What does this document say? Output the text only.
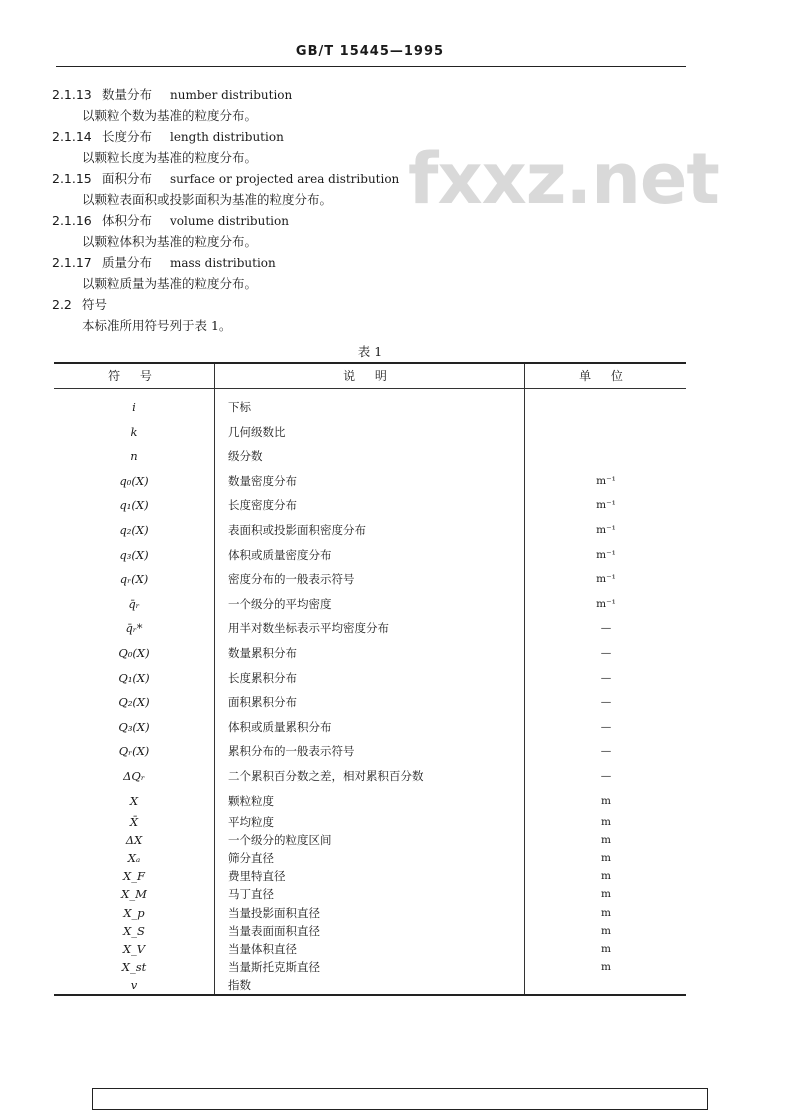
GB/T 15445—1995
fxxz.net
2.1.13 数量分布 number distribution
以颗粒个数为基准的粒度分布。
2.1.14 长度分布 length distribution
以颗粒长度为基准的粒度分布。
2.1.15 面积分布 surface or projected area distribution
以颗粒表面积或投影面积为基准的粒度分布。
2.1.16 体积分布 volume distribution
以颗粒体积为基准的粒度分布。
2.1.17 质量分布 mass distribution
以颗粒质量为基准的粒度分布。
2.2 符号
本标准所用符号列于表 1。
表 1
符 号	说 明	单 位
i	下标
k	几何级数比
n	级分数
q₀(X)	数量密度分布	m⁻¹
q₁(X)	长度密度分布	m⁻¹
q₂(X)	表面积或投影面积密度分布	m⁻¹
q₃(X)	体积或质量密度分布	m⁻¹
qᵣ(X)	密度分布的一般表示符号	m⁻¹
q̄ᵣ	一个级分的平均密度	m⁻¹
q̄ᵣ*	用半对数坐标表示平均密度分布	—
Q₀(X)	数量累积分布	—
Q₁(X)	长度累积分布	—
Q₂(X)	面积累积分布	—
Q₃(X)	体积或质量累积分布	—
Qᵣ(X)	累积分布的一般表示符号	—
ΔQᵣ	二个累积百分数之差，相对累积百分数	—
X	颗粒粒度	m
X̄	平均粒度	m
ΔX	一个级分的粒度区间	m
Xₐ	筛分直径	m
X_F	费里特直径	m
X_M	马丁直径	m
X_p	当量投影面积直径	m
X_S	当量表面面积直径	m
X_V	当量体积直径	m
X_st	当量斯托克斯直径	m
v	指数
